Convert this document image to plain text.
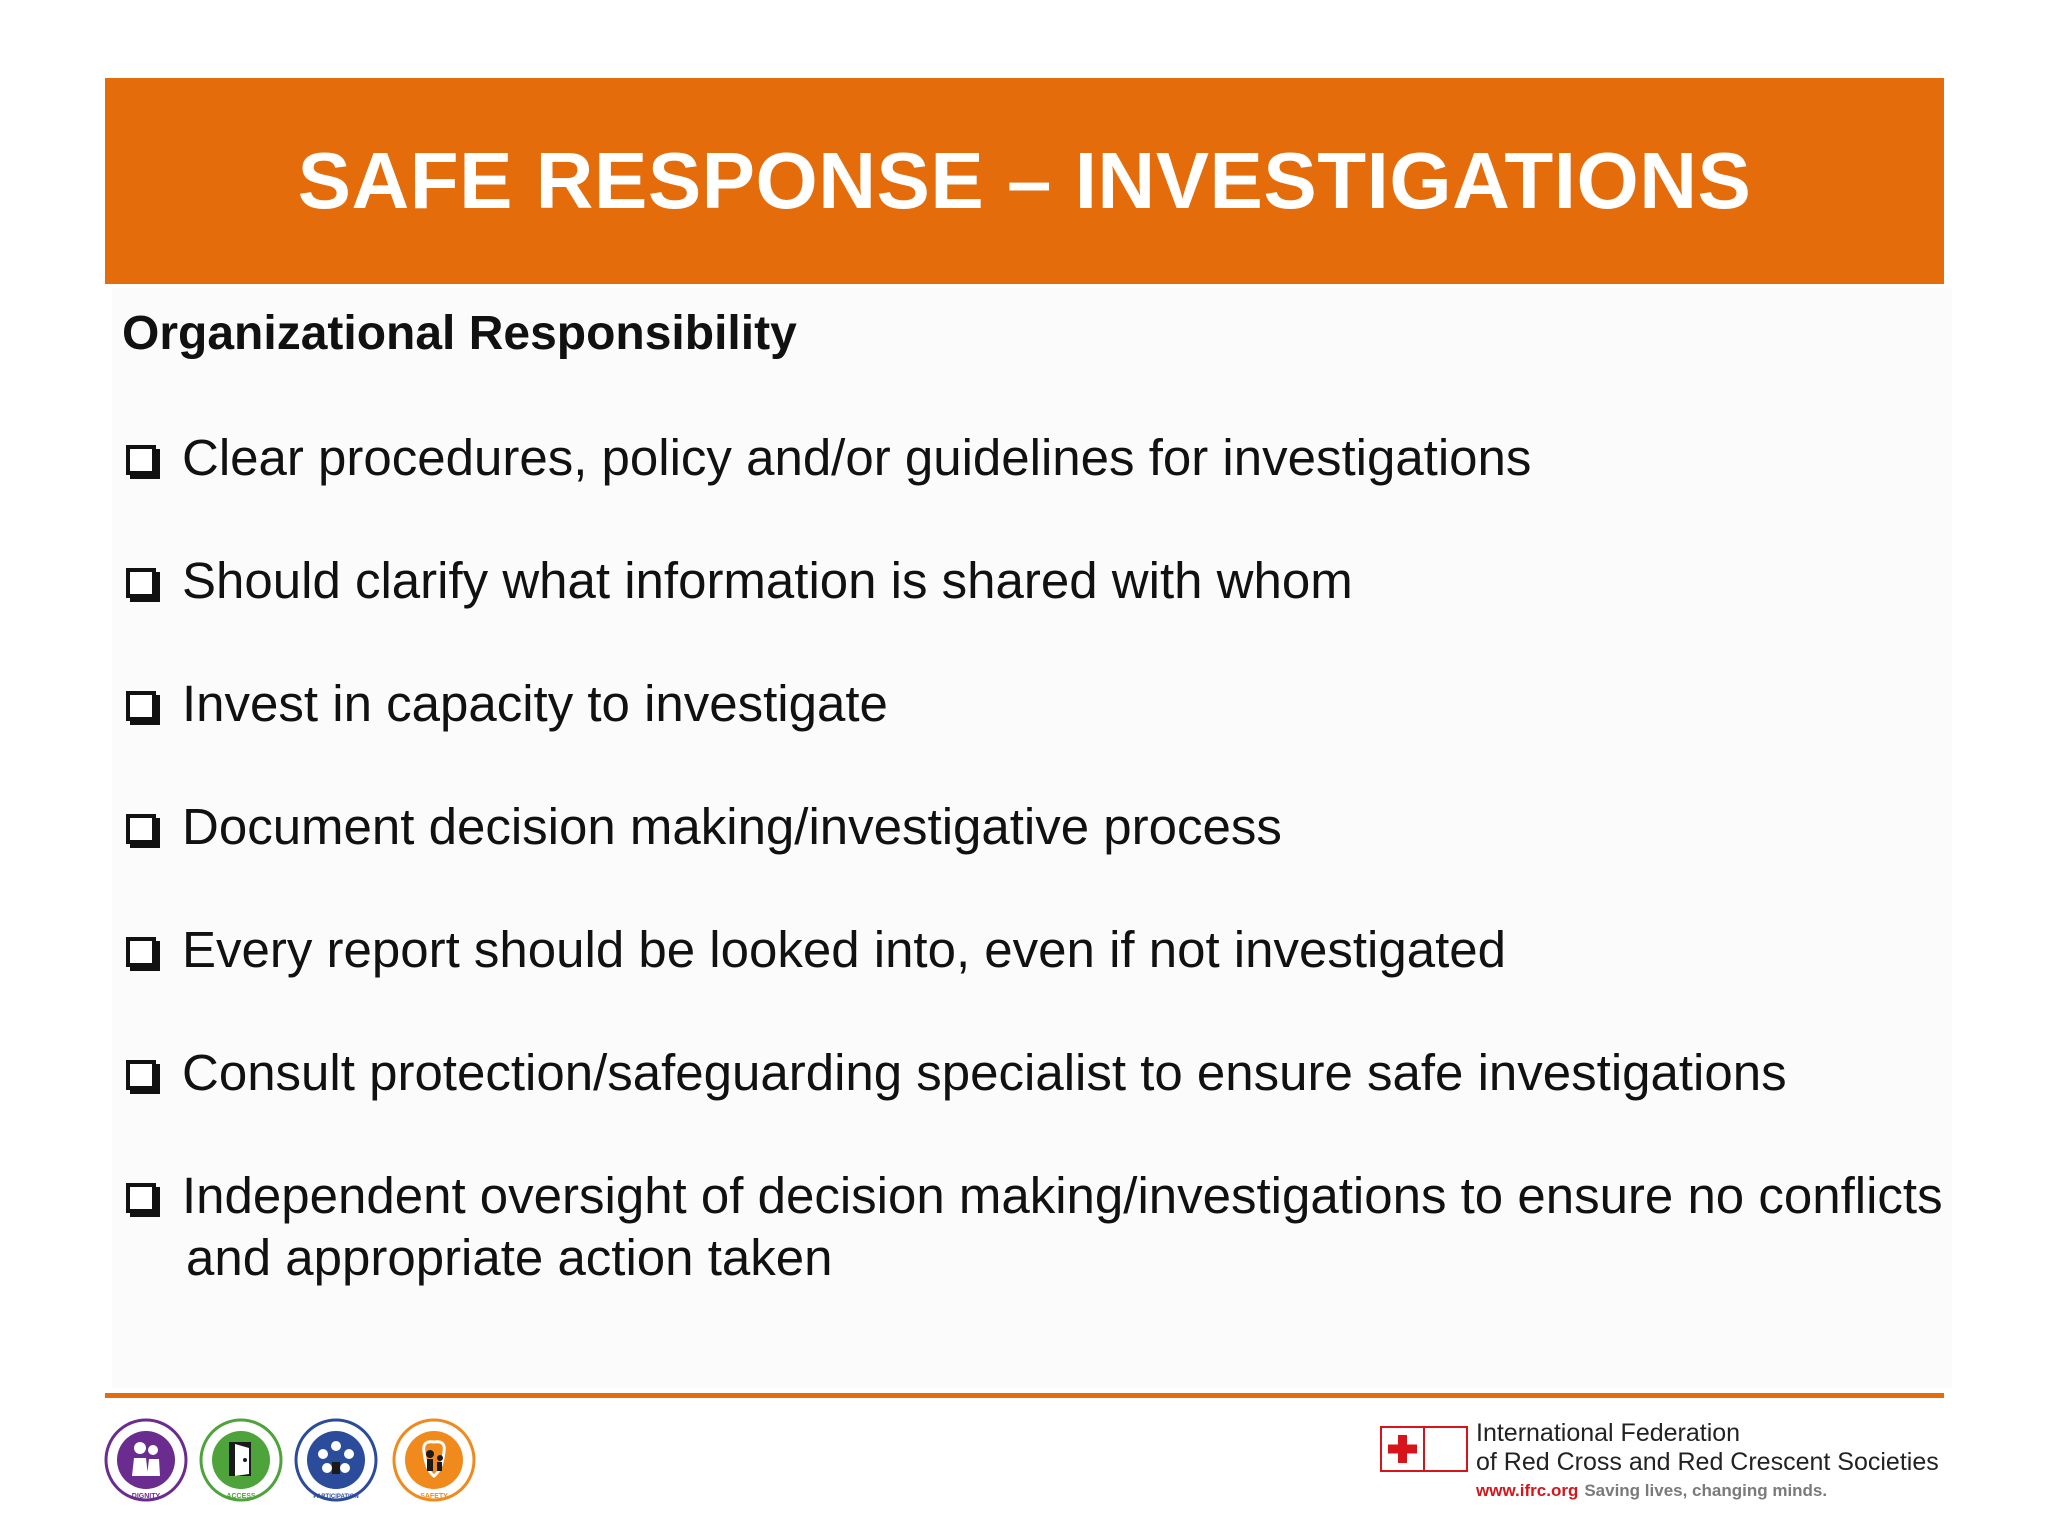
SAFE RESPONSE – INVESTIGATIONS
Organizational Responsibility
Clear procedures, policy and/or guidelines for investigations
Should clarify what information is shared with whom
Invest in capacity to investigate
Document decision making/investigative process
Every report should be looked into, even if not investigated
Consult protection/safeguarding specialist to ensure safe investigations
Independent oversight of decision making/investigations to ensure no conflicts
and appropriate action taken
DIGNITY	ACCESS	PARTICIPATION	SAFETY
International Federation
of Red Cross and Red Crescent Societies
www.ifrc.org Saving lives, changing minds.
